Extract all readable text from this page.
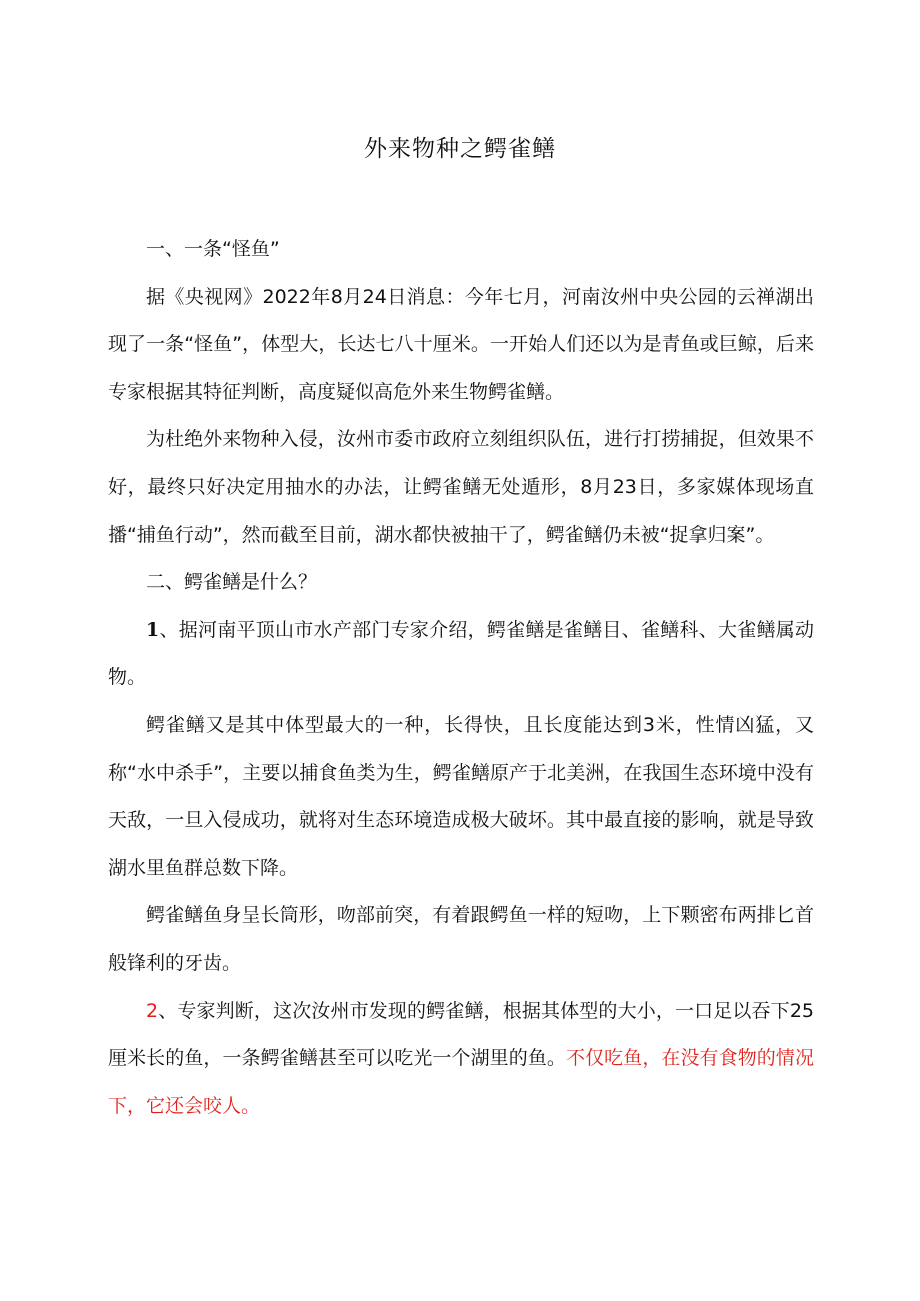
外来物种之鳄雀鳝

一、一条“怪鱼”

据《央视网》2022年8月24日消息：今年七月，河南汝州中央公园的云禅湖出现了一条“怪鱼”，体型大，长达七八十厘米。一开始人们还以为是青鱼或巨鲸，后来专家根据其特征判断，高度疑似高危外来生物鳄雀鳝。

为杜绝外来物种入侵，汝州市委市政府立刻组织队伍，进行打捞捕捉，但效果不好，最终只好决定用抽水的办法，让鳄雀鳝无处遁形，8月23日，多家媒体现场直播“捕鱼行动”，然而截至目前，湖水都快被抽干了，鳄雀鳝仍未被“捉拿归案”。

二、鳄雀鳝是什么？

1、据河南平顶山市水产部门专家介绍，鳄雀鳝是雀鳝目、雀鳝科、大雀鳝属动物。

鳄雀鳝又是其中体型最大的一种，长得快，且长度能达到3米，性情凶猛，又称“水中杀手”，主要以捕食鱼类为生，鳄雀鳝原产于北美洲，在我国生态环境中没有天敌，一旦入侵成功，就将对生态环境造成极大破坏。其中最直接的影响，就是导致湖水里鱼群总数下降。

鳄雀鳝鱼身呈长筒形，吻部前突，有着跟鳄鱼一样的短吻，上下颗密布两排匕首般锋利的牙齿。

2、专家判断，这次汝州市发现的鳄雀鳝，根据其体型的大小，一口足以吞下25厘米长的鱼，一条鳄雀鳝甚至可以吃光一个湖里的鱼。不仅吃鱼，在没有食物的情况下，它还会咬人。
